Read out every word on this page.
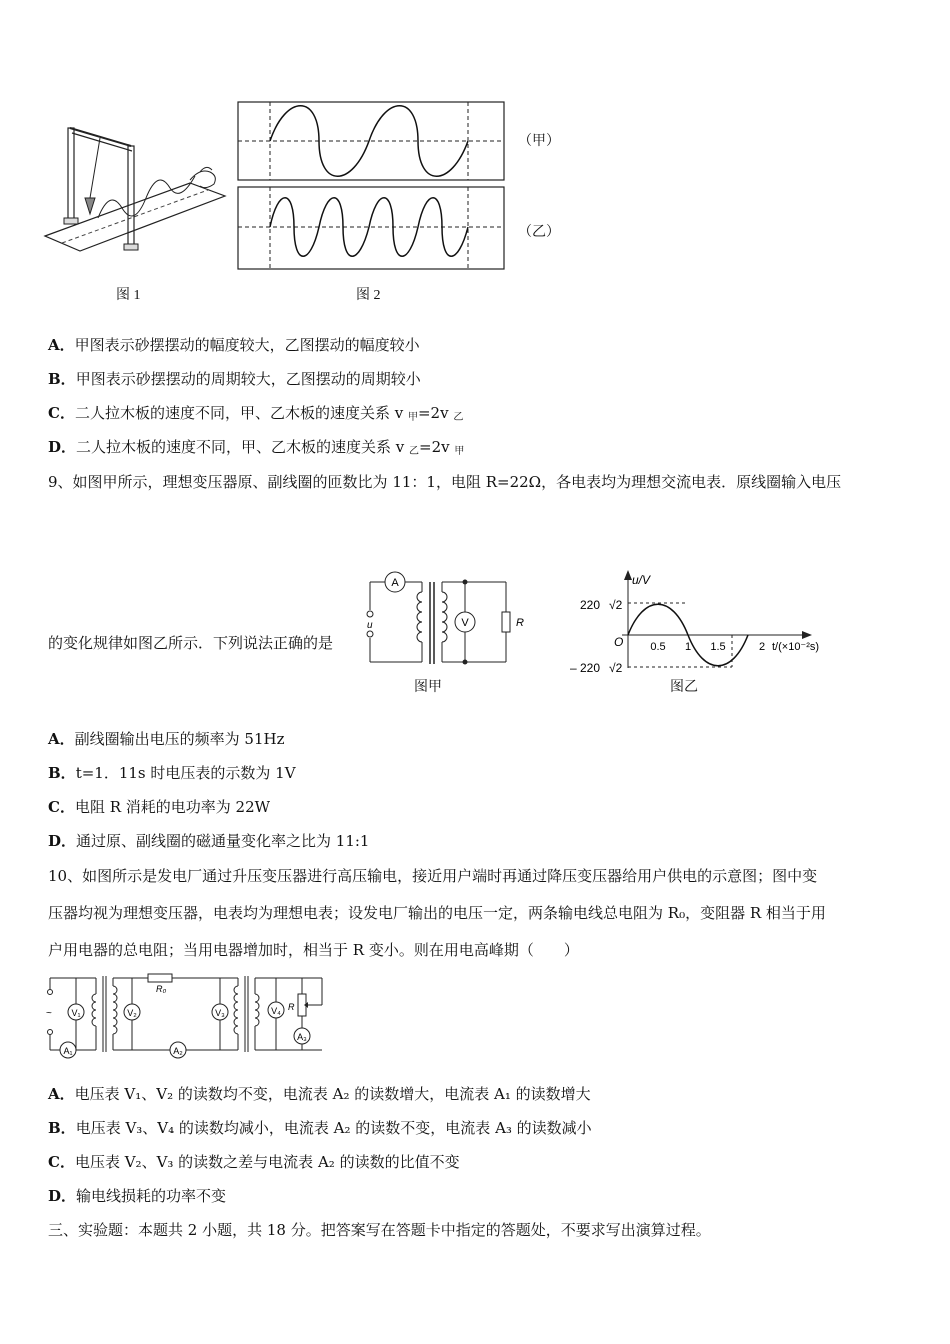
图 1
（甲）
（乙）
图 2
A．甲图表示砂摆摆动的幅度较大，乙图摆动的幅度较小
B．甲图表示砂摆摆动的周期较大，乙图摆动的周期较小
C．二人拉木板的速度不同，甲、乙木板的速度关系 v $_甲$=2v $_乙$
D．二人拉木板的速度不同，甲、乙木板的速度关系 v $_乙$=2v $_甲$
9、如图甲所示，理想变压器原、副线圈的匝数比为 11：1，电阻 R=22Ω，各电表均为理想交流电表．原线圈输入电压
的变化规律如图乙所示．下列说法正确的是
A
u	V	R
图甲
u/V
t/(×10⁻²s)
O
220 √2
– 220 √2
0.5 1 1.5	2
图乙
A．副线圈输出电压的频率为 51Hz
B．t=1．11s 时电压表的示数为 1V
C．电阻 R 消耗的电功率为 22W
D．通过原、副线圈的磁通量变化率之比为 11:1
10、如图所示是发电厂通过升压变压器进行高压输电，接近用户端时再通过降压变压器给用户供电的示意图；图中变
压器均视为理想变压器，电表均为理想电表；设发电厂输出的电压一定，两条输电线总电阻为 R₀，变阻器 R 相当于用
户用电器的总电阻；当用电器增加时，相当于 R 变小。则在用电高峰期（　　）
~
A₁
V₁
R₀
A₂
V₂	V₃	V₄ R
A₃
A．电压表 V₁、V₂ 的读数均不变，电流表 A₂ 的读数增大，电流表 A₁ 的读数增大
B．电压表 V₃、V₄ 的读数均减小，电流表 A₂ 的读数不变，电流表 A₃ 的读数减小
C．电压表 V₂、V₃ 的读数之差与电流表 A₂ 的读数的比值不变
D．输电线损耗的功率不变
三、实验题：本题共 2 小题，共 18 分。把答案写在答题卡中指定的答题处，不要求写出演算过程。
